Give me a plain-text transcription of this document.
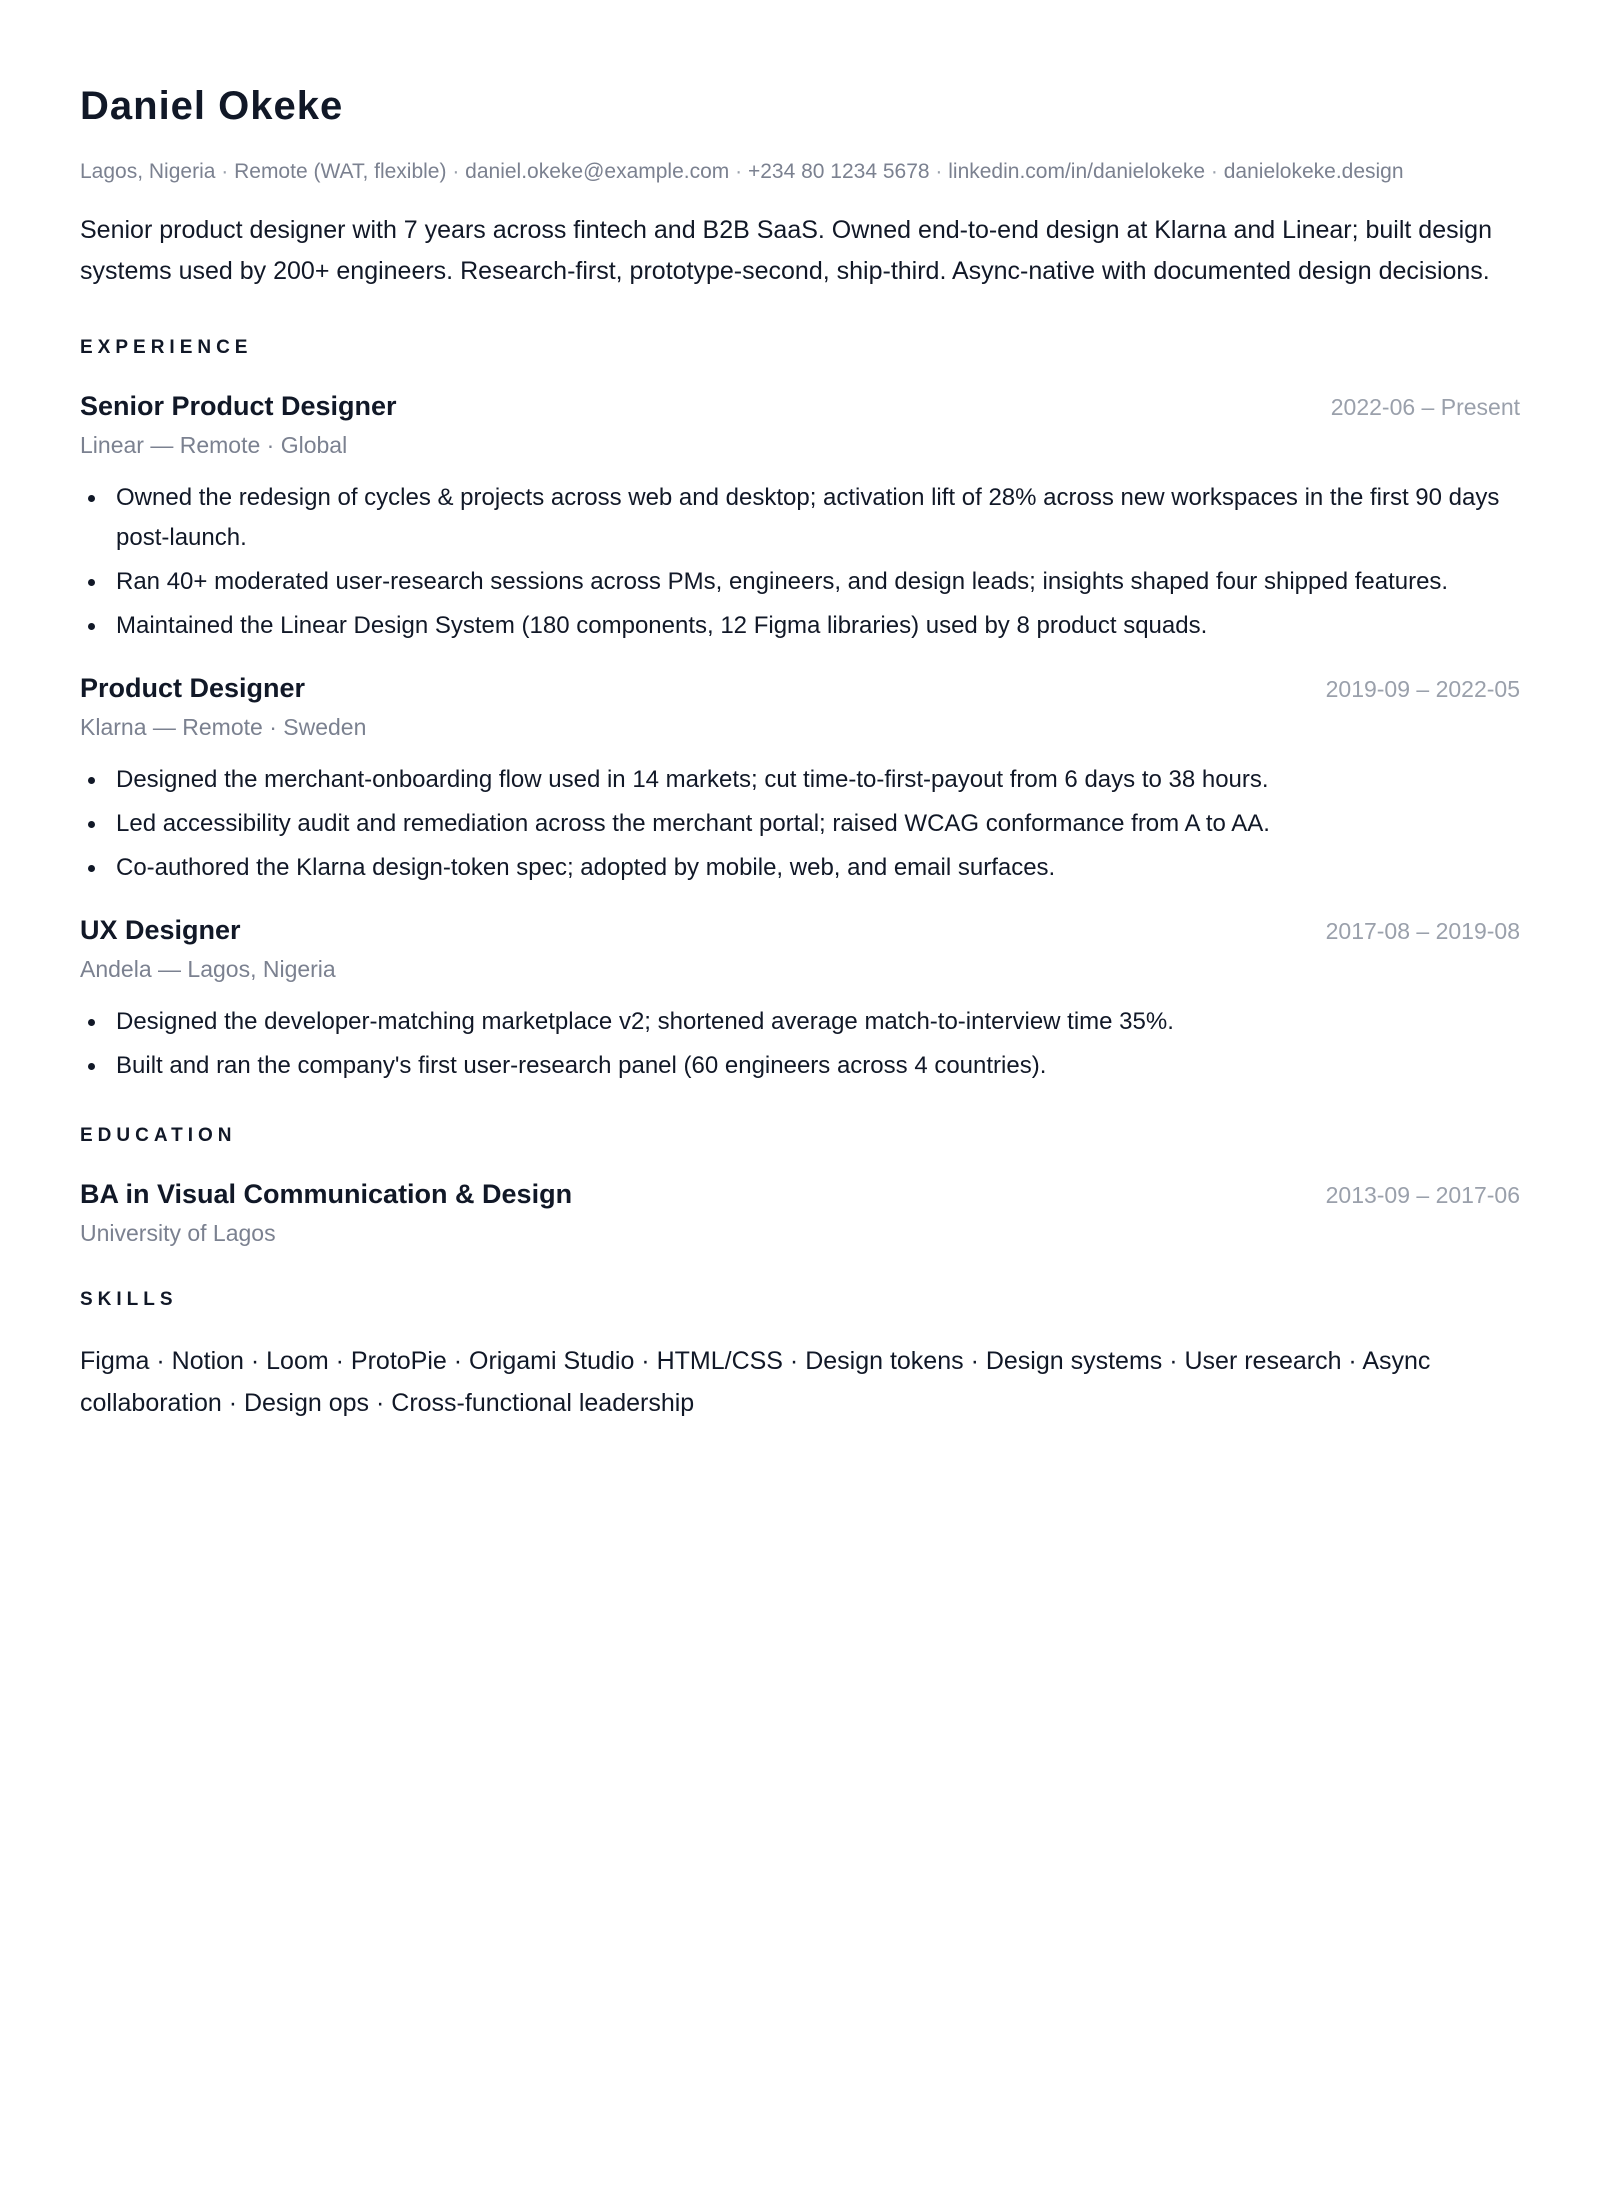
Daniel Okeke
Lagos, Nigeria · Remote (WAT, flexible) · daniel.okeke@example.com · +234 80 1234 5678 · linkedin.com/in/danielokeke · danielokeke.design

Senior product designer with 7 years across fintech and B2B SaaS. Owned end-to-end design at Klarna and Linear; built design systems used by 200+ engineers. Research-first, prototype-second, ship-third. Async-native with documented design decisions.

EXPERIENCE
Senior Product Designer	2022-06 – Present
Linear — Remote · Global
Owned the redesign of cycles & projects across web and desktop; activation lift of 28% across new workspaces in the first 90 days post-launch.
Ran 40+ moderated user-research sessions across PMs, engineers, and design leads; insights shaped four shipped features.
Maintained the Linear Design System (180 components, 12 Figma libraries) used by 8 product squads.
Product Designer	2019-09 – 2022-05
Klarna — Remote · Sweden
Designed the merchant-onboarding flow used in 14 markets; cut time-to-first-payout from 6 days to 38 hours.
Led accessibility audit and remediation across the merchant portal; raised WCAG conformance from A to AA.
Co-authored the Klarna design-token spec; adopted by mobile, web, and email surfaces.
UX Designer	2017-08 – 2019-08
Andela — Lagos, Nigeria
Designed the developer-matching marketplace v2; shortened average match-to-interview time 35%.
Built and ran the company's first user-research panel (60 engineers across 4 countries).
EDUCATION
BA in Visual Communication & Design	2013-09 – 2017-06
University of Lagos
SKILLS

Figma · Notion · Loom · ProtoPie · Origami Studio · HTML/CSS · Design tokens · Design systems · User research · Async collaboration · Design ops · Cross-functional leadership
